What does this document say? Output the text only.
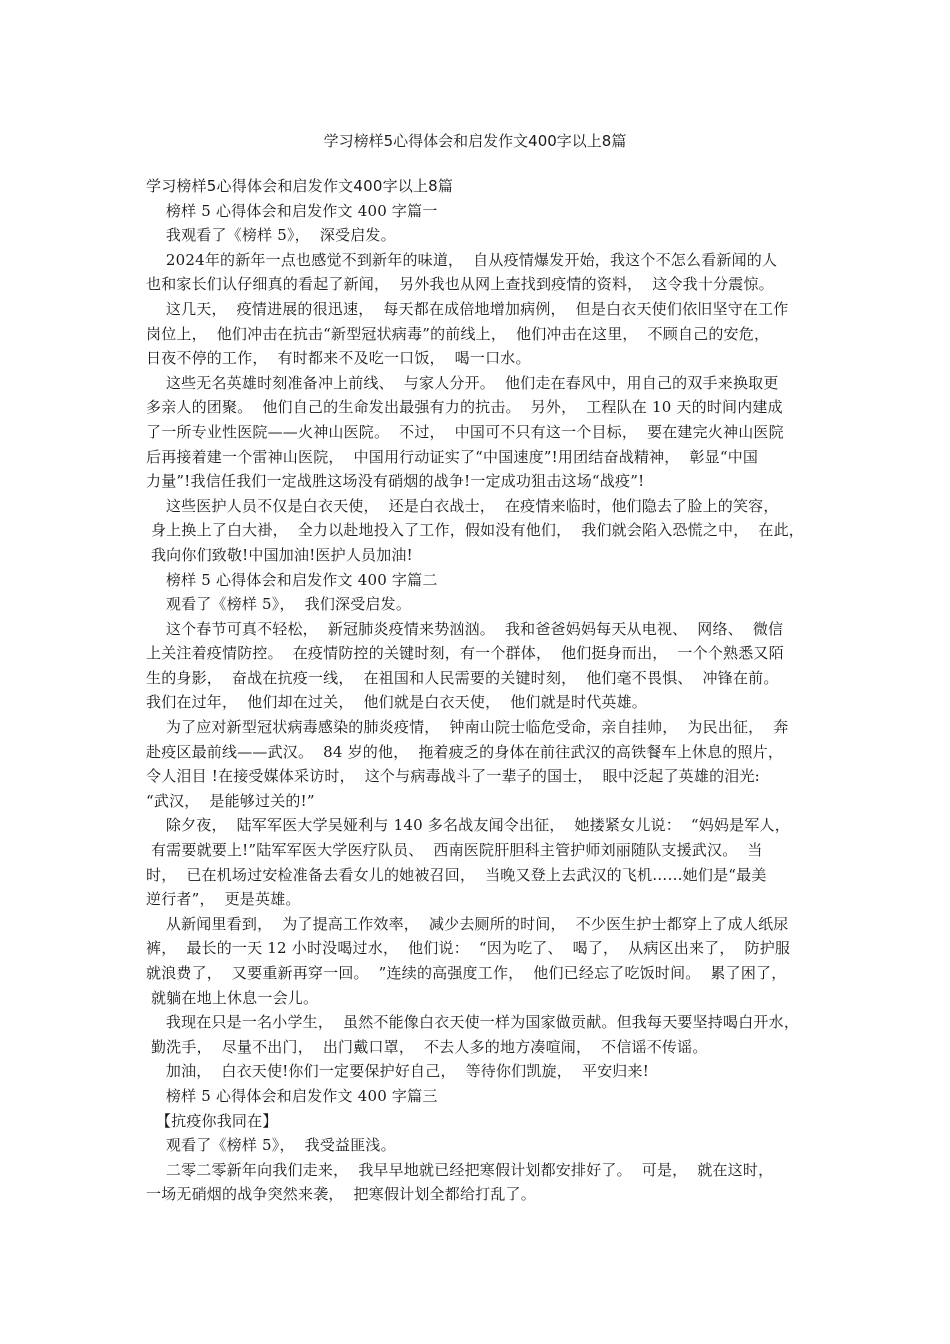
学习榜样5心得体会和启发作文400字以上8篇
学习榜样5心得体会和启发作文400字以上8篇
榜样 5 心得体会和启发作文 400 字篇一
我观看了《榜样 5》，  深受启发。
2024年的新年一点也感觉不到新年的味道，  自从疫情爆发开始，我这个不怎么看新闻的人
也和家长们认仔细真的看起了新闻，  另外我也从网上查找到疫情的资料，  这令我十分震惊。
这几天，  疫情进展的很迅速，  每天都在成倍地增加病例，  但是白衣天使们依旧坚守在工作
岗位上，  他们冲击在抗击“新型冠状病毒”的前线上，  他们冲击在这里，  不顾自己的安危，
日夜不停的工作，  有时都来不及吃一口饭，  喝一口水。
这些无名英雄时刻准备冲上前线、  与家人分开。  他们走在春风中，用自己的双手来换取更
多亲人的团聚。  他们自己的生命发出最强有力的抗击。  另外，  工程队在 10 天的时间内建成
了一所专业性医院——火神山医院。  不过，  中国可不只有这一个目标，  要在建完火神山医院
后再接着建一个雷神山医院，  中国用行动证实了“中国速度”!用团结奋战精神，  彰显“中国
力量”!我信任我们一定战胜这场没有硝烟的战争!一定成功狙击这场“战疫”!
这些医护人员不仅是白衣天使，  还是白衣战士，  在疫情来临时，他们隐去了脸上的笑容，
身上换上了白大褂，  全力以赴地投入了工作，假如没有他们，  我们就会陷入恐慌之中，  在此，
我向你们致敬!中国加油!医护人员加油!
榜样 5 心得体会和启发作文 400 字篇二
观看了《榜样 5》，  我们深受启发。
这个春节可真不轻松，  新冠肺炎疫情来势汹汹。  我和爸爸妈妈每天从电视、  网络、  微信
上关注着疫情防控。  在疫情防控的关键时刻，有一个群体，  他们挺身而出，  一个个熟悉又陌
生的身影，  奋战在抗疫一线，  在祖国和人民需要的关键时刻，  他们毫不畏惧、  冲锋在前。
我们在过年，  他们却在过关，  他们就是白衣天使，  他们就是时代英雄。
为了应对新型冠状病毒感染的肺炎疫情，  钟南山院士临危受命，亲自挂帅，  为民出征，  奔
赴疫区最前线——武汉。  84 岁的他，  拖着疲乏的身体在前往武汉的高铁餐车上休息的照片，
令人泪目 !在接受媒体采访时，  这个与病毒战斗了一辈子的国士，  眼中泛起了英雄的泪光:
“武汉，  是能够过关的!”
除夕夜，  陆军军医大学吴娅利与 140 多名战友闻令出征，  她搂紧女儿说：  “妈妈是军人，
有需要就要上!”陆军军医大学医疗队员、  西南医院肝胆科主管护师刘丽随队支援武汉。  当
时，  已在机场过安检准备去看女儿的她被召回，  当晚又登上去武汉的飞机……她们是“最美
逆行者”，  更是英雄。
从新闻里看到，  为了提高工作效率，  减少去厕所的时间，  不少医生护士都穿上了成人纸尿
裤，  最长的一天 12 小时没喝过水，  他们说：  “因为吃了、  喝了，  从病区出来了，  防护服
就浪费了，  又要重新再穿一回。  ”连续的高强度工作，  他们已经忘了吃饭时间。  累了困了，
就躺在地上休息一会儿。
我现在只是一名小学生，  虽然不能像白衣天使一样为国家做贡献。但我每天要坚持喝白开水，
勤洗手，  尽量不出门，  出门戴口罩，  不去人多的地方凑喧闹，  不信谣不传谣。
加油，  白衣天使!你们一定要保护好自己，  等待你们凯旋，  平安归来!
榜样 5 心得体会和启发作文 400 字篇三
【抗疫你我同在】
观看了《榜样 5》，  我受益匪浅。
二零二零新年向我们走来，  我早早地就已经把寒假计划都安排好了。  可是，  就在这时，
一场无硝烟的战争突然来袭，  把寒假计划全都给打乱了。
